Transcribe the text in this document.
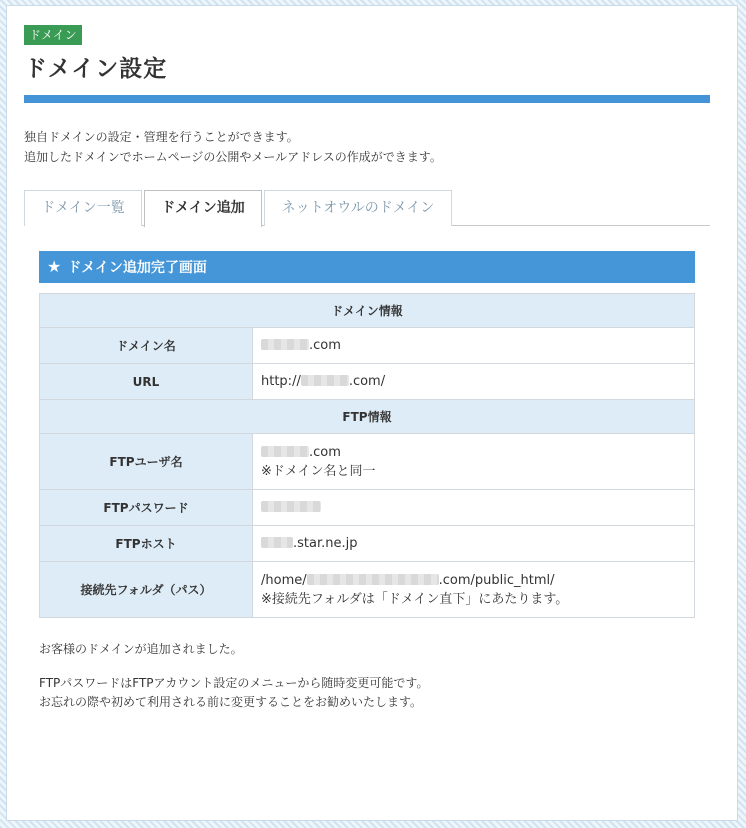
ドメイン
ドメイン設定
独自ドメインの設定・管理を行うことができます。
追加したドメインでホームページの公開やメールアドレスの作成ができます。
ドメイン一覧	ドメイン追加	ネットオウルのドメイン
★ ドメイン追加完了画面
ドメイン情報	
ドメイン名	.com
URL	http:// .com/
FTP情報	
FTPユーザ名	.com
※ドメイン名と同一

FTPパスワード	
FTPホスト	.star.ne.jp
接続先フォルダ（パス）	/home/ .com/public_html/
※接続先フォルダは「ドメイン直下」にあたります。
お客様のドメインが追加されました。
FTPパスワードはFTPアカウント設定のメニューから随時変更可能です。
お忘れの際や初めて利用される前に変更することをお勧めいたします。
